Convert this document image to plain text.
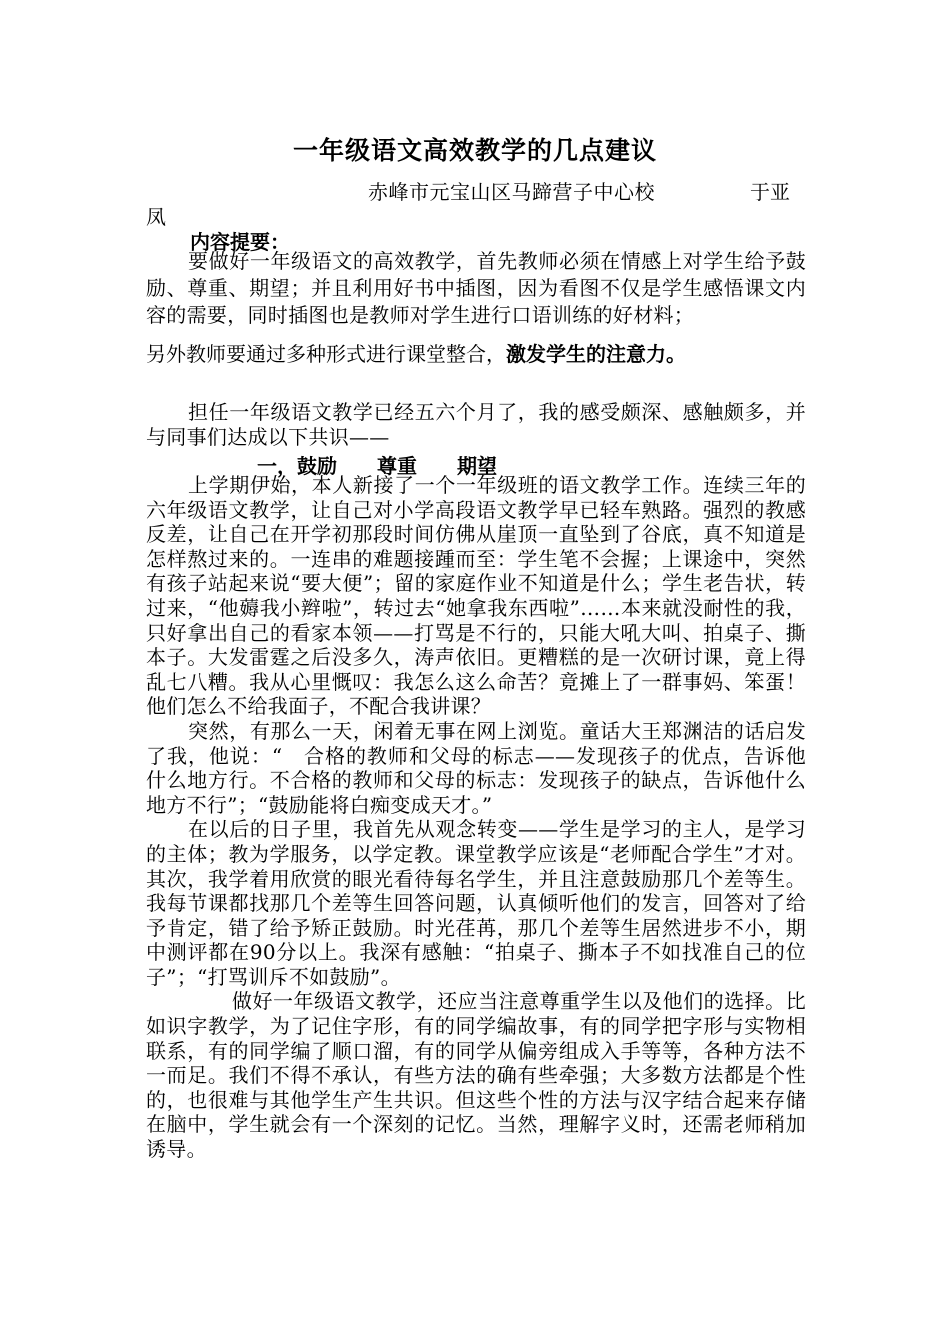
一年级语文高效教学的几点建议
赤峰市元宝山区马蹄营子中心校	于亚
凤
内容提要：

要做好一年级语文的高效教学，首先教师必须在情感上对学生给予鼓励、尊重、期望；并且利用好书中插图，因为看图不仅是学生感悟课文内容的需要，同时插图也是教师对学生进行口语训练的好材料；

另外教师要通过多种形式进行课堂整合，激发学生的注意力。

担任一年级语文教学已经五六个月了，我的感受颇深、感触颇多，并与同事们达成以下共识——

一，鼓励 尊重 期望

上学期伊始，本人新接了一个一年级班的语文教学工作。连续三年的六年级语文教学，让自己对小学高段语文教学早已轻车熟路。强烈的教感反差，让自己在开学初那段时间仿佛从崖顶一直坠到了谷底，真不知道是怎样熬过来的。一连串的难题接踵而至：学生笔不会握；上课途中，突然有孩子站起来说“要大便”；留的家庭作业不知道是什么；学生老告状，转过来，“他薅我小辫啦”，转过去“她拿我东西啦”……本来就没耐性的我，只好拿出自己的看家本领——打骂是不行的，只能大吼大叫、拍桌子、撕本子。大发雷霆之后没多久，涛声依旧。更糟糕的是一次研讨课，竟上得乱七八糟。我从心里慨叹：我怎么这么命苦？竟摊上了一群事妈、笨蛋！他们怎么不给我面子，不配合我讲课？

突然，有那么一天，闲着无事在网上浏览。童话大王郑渊洁的话启发了我，他说：“　合格的教师和父母的标志——发现孩子的优点，告诉他什么地方行。不合格的教师和父母的标志：发现孩子的缺点，告诉他什么地方不行”；“鼓励能将白痴变成天才。”

在以后的日子里，我首先从观念转变——学生是学习的主人，是学习的主体；教为学服务，以学定教。课堂教学应该是“老师配合学生”才对。其次，我学着用欣赏的眼光看待每名学生，并且注意鼓励那几个差等生。我每节课都找那几个差等生回答问题，认真倾听他们的发言，回答对了给予肯定，错了给予矫正鼓励。时光荏苒，那几个差等生居然进步不小，期中测评都在90分以上。我深有感触：“拍桌子、撕本子不如找准自己的位子”；“打骂训斥不如鼓励”。

做好一年级语文教学，还应当注意尊重学生以及他们的选择。比如识字教学，为了记住字形，有的同学编故事，有的同学把字形与实物相联系，有的同学编了顺口溜，有的同学从偏旁组成入手等等，各种方法不一而足。我们不得不承认，有些方法的确有些牵强；大多数方法都是个性的，也很难与其他学生产生共识。但这些个性的方法与汉字结合起来存储在脑中，学生就会有一个深刻的记忆。当然，理解字义时，还需老师稍加诱导。
